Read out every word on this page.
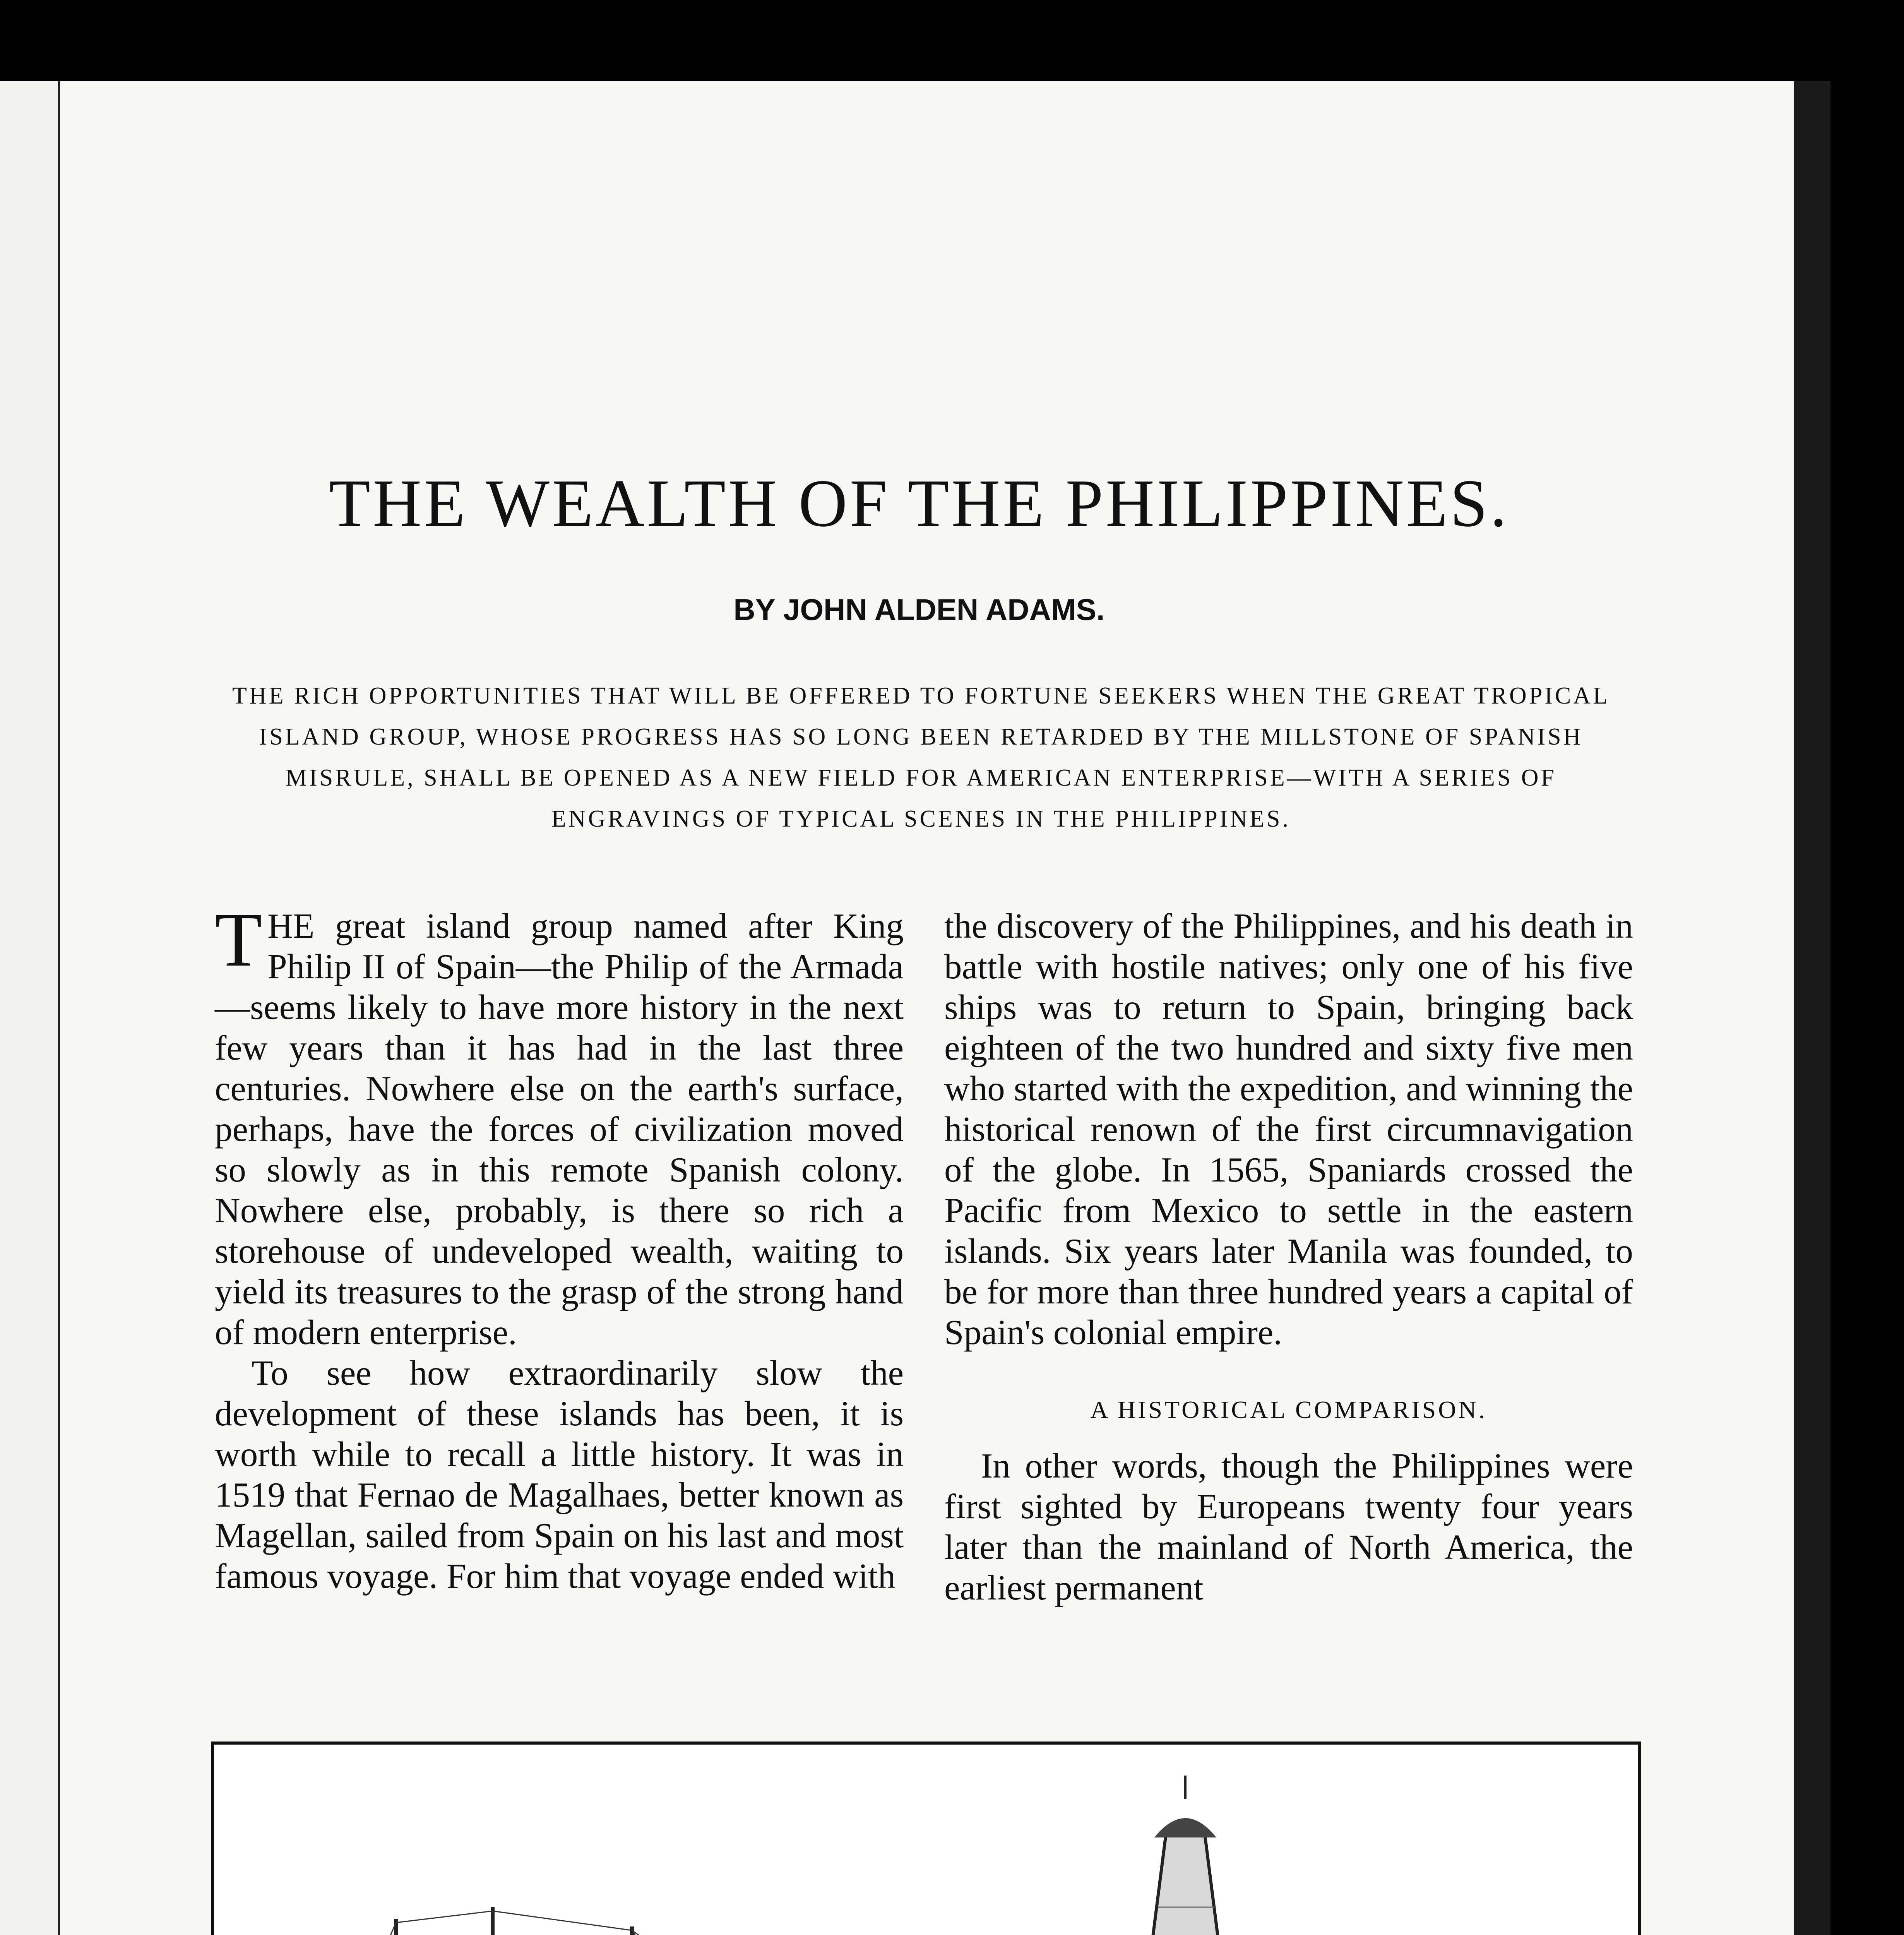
THE WEALTH OF THE PHILIPPINES.

BY JOHN ALDEN ADAMS.

THE RICH OPPORTUNITIES THAT WILL BE OFFERED TO FORTUNE SEEKERS WHEN THE GREAT TROPICAL ISLAND GROUP, WHOSE PROGRESS HAS SO LONG BEEN RETARDED BY THE MILLSTONE OF SPANISH MISRULE, SHALL BE OPENED AS A NEW FIELD FOR AMERICAN ENTERPRISE—WITH A SERIES OF ENGRAVINGS OF TYPICAL SCENES IN THE PHILIPPINES.

THE great island group named after King Philip II of Spain—the Philip of the Armada—seems likely to have more history in the next few years than it has had in the last three centuries. Nowhere else on the earth's surface, perhaps, have the forces of civilization moved so slowly as in this remote Spanish colony. Nowhere else, probably, is there so rich a storehouse of undeveloped wealth, waiting to yield its treasures to the grasp of the strong hand of modern enterprise.

To see how extraordinarily slow the development of these islands has been, it is worth while to recall a little history. It was in 1519 that Fernao de Magalhaes, better known as Magellan, sailed from Spain on his last and most famous voyage. For him that voyage ended with

the discovery of the Philippines, and his death in battle with hostile natives; only one of his five ships was to return to Spain, bringing back eighteen of the two hundred and sixty five men who started with the expedition, and winning the historical renown of the first circumnavigation of the globe. In 1565, Spaniards crossed the Pacific from Mexico to settle in the eastern islands. Six years later Manila was founded, to be for more than three hundred years a capital of Spain's colonial empire.

A HISTORICAL COMPARISON.

In other words, though the Philippines were first sighted by Europeans twenty four years later than the mainland of North America, the earliest permanent
